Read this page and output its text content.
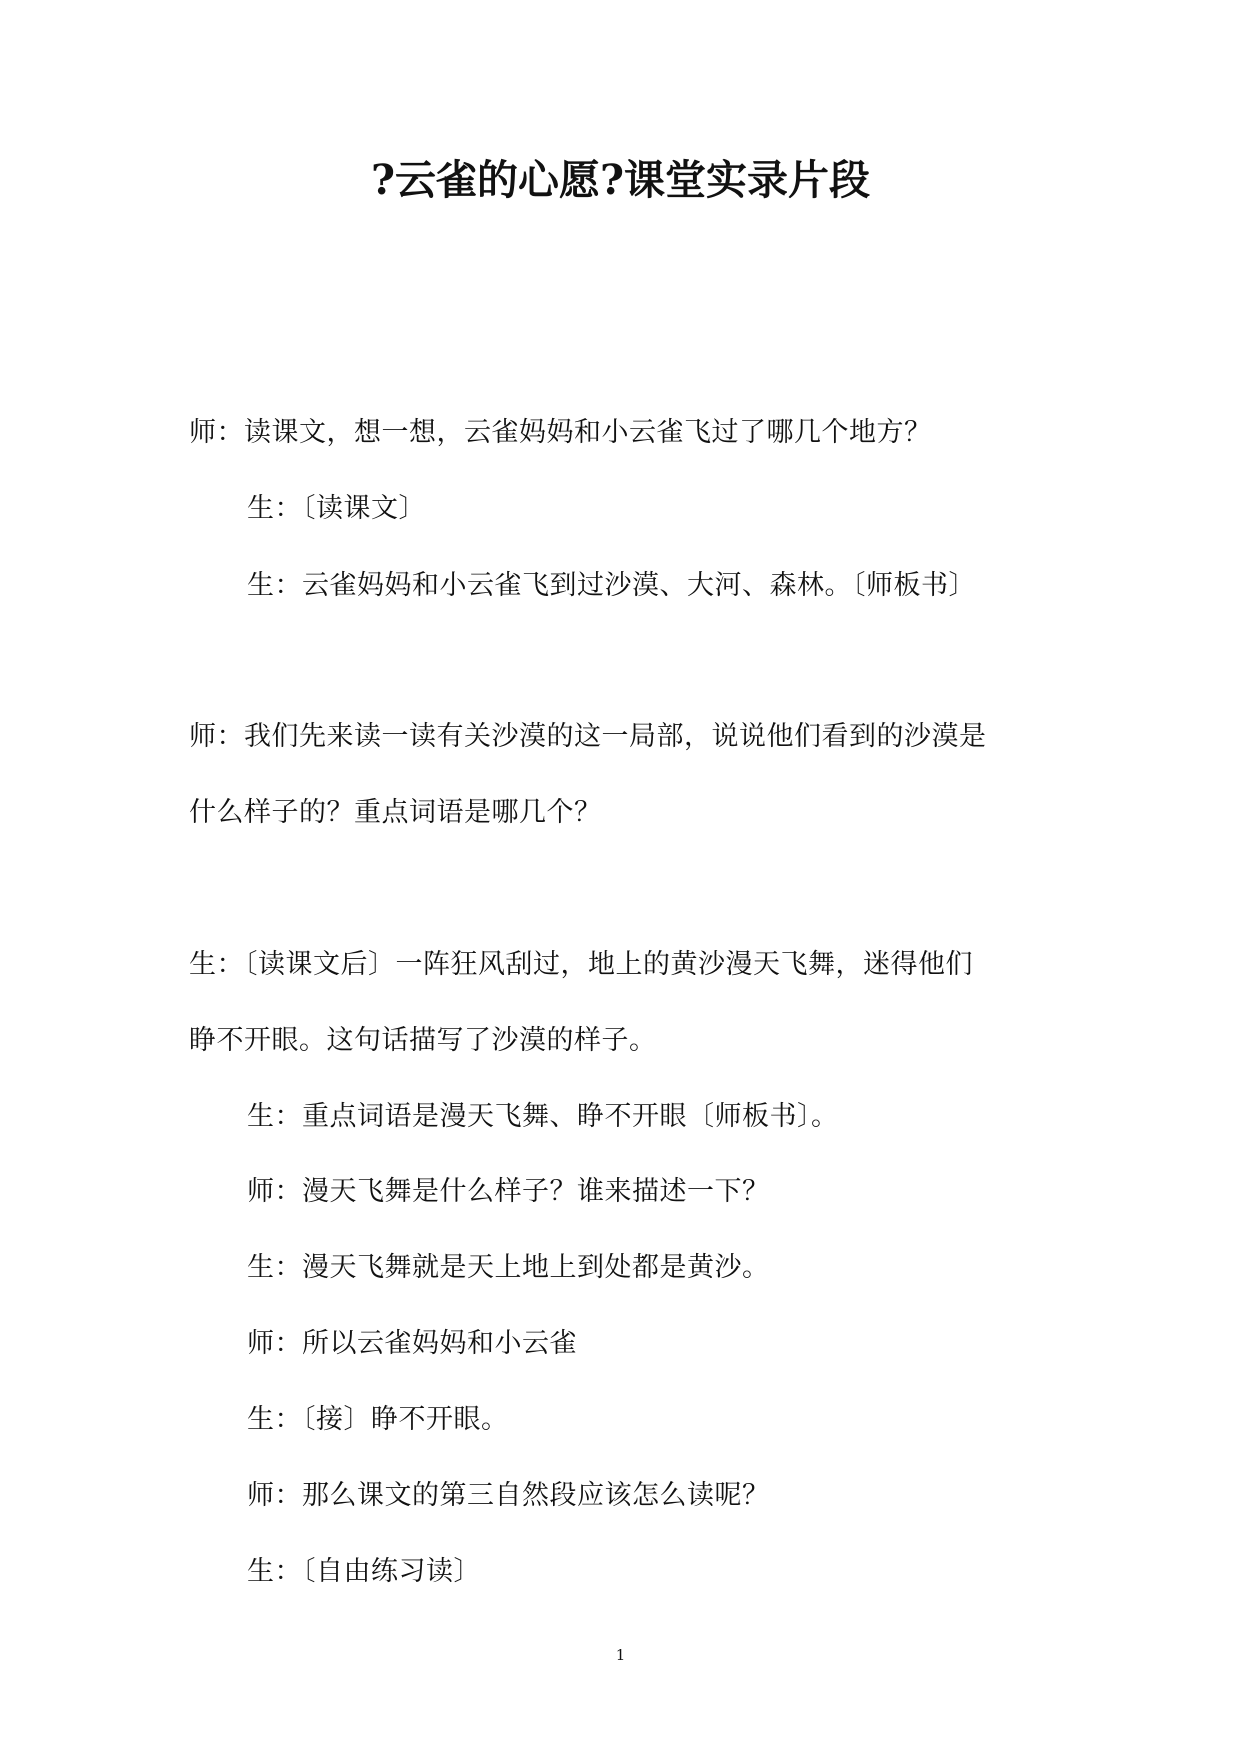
?云雀的心愿?课堂实录片段
师：读课文，想一想，云雀妈妈和小云雀飞过了哪几个地方？
生：〔读课文〕
生：云雀妈妈和小云雀飞到过沙漠、大河、森林。〔师板书〕
师：我们先来读一读有关沙漠的这一局部，说说他们看到的沙漠是
什么样子的？重点词语是哪几个？
生：〔读课文后〕一阵狂风刮过，地上的黄沙漫天飞舞，迷得他们
睁不开眼。这句话描写了沙漠的样子。
生：重点词语是漫天飞舞、睁不开眼〔师板书〕。
师：漫天飞舞是什么样子？谁来描述一下？
生：漫天飞舞就是天上地上到处都是黄沙。
师：所以云雀妈妈和小云雀
生：〔接〕睁不开眼。
师：那么课文的第三自然段应该怎么读呢？
生：〔自由练习读〕
1
